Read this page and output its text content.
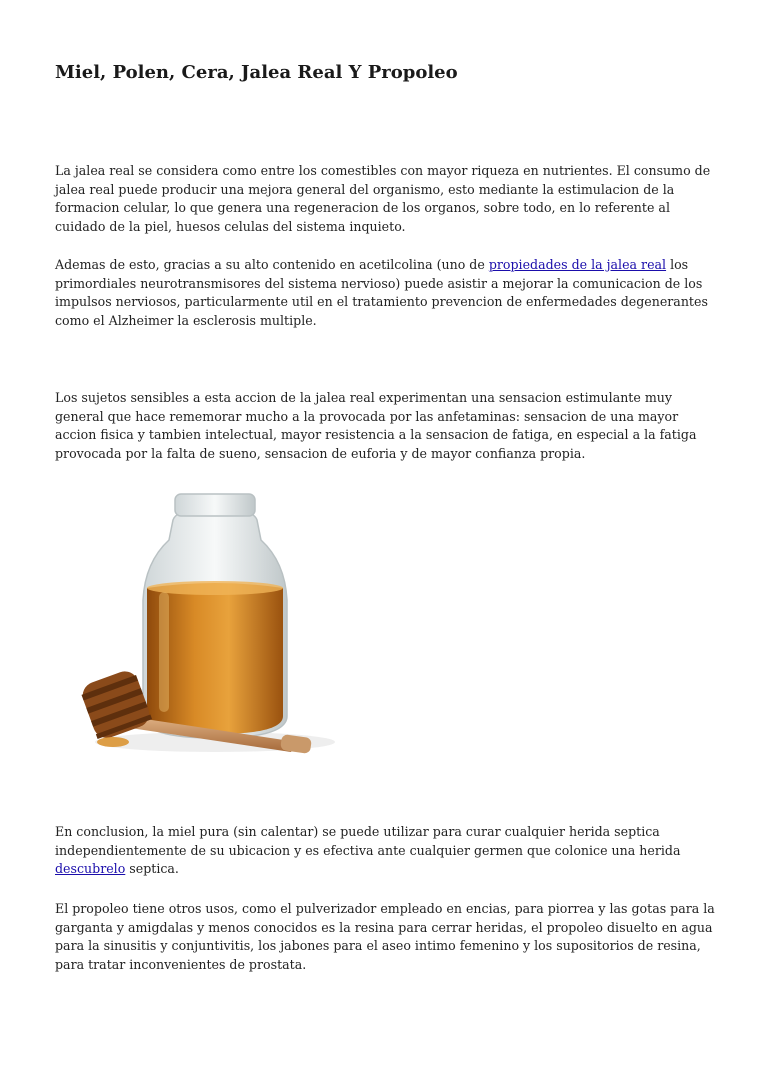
Miel, Polen, Cera, Jalea Real Y Propoleo

La jalea real se considera como entre los comestibles con mayor riqueza en nutrientes. El consumo de jalea real puede producir una mejora general del organismo, esto mediante la estimulacion de la formacion celular, lo que genera una regeneracion de los organos, sobre todo, en lo referente al cuidado de la piel, huesos celulas del sistema inquieto.

Ademas de esto, gracias a su alto contenido en acetilcolina (uno de propiedades de la jalea real los primordiales neurotransmisores del sistema nervioso) puede asistir a mejorar la comunicacion de los impulsos nerviosos, particularmente util en el tratamiento prevencion de enfermedades degenerantes como el Alzheimer la esclerosis multiple.

Los sujetos sensibles a esta accion de la jalea real experimentan una sensacion estimulante muy general que hace rememorar mucho a la provocada por las anfetaminas: sensacion de una mayor accion fisica y tambien intelectual, mayor resistencia a la sensacion de fatiga, en especial a la fatiga provocada por la falta de sueno, sensacion de euforia y de mayor confianza propia.

En conclusion, la miel pura (sin calentar) se puede utilizar para curar cualquier herida septica independientemente de su ubicacion y es efectiva ante cualquier germen que colonice una herida descubrelo septica.

El propoleo tiene otros usos, como el pulverizador empleado en encias, para piorrea y las gotas para la garganta y amigdalas y menos conocidos es la resina para cerrar heridas, el propoleo disuelto en agua para la sinusitis y conjuntivitis, los jabones para el aseo intimo femenino y los supositorios de resina, para tratar inconvenientes de prostata.
